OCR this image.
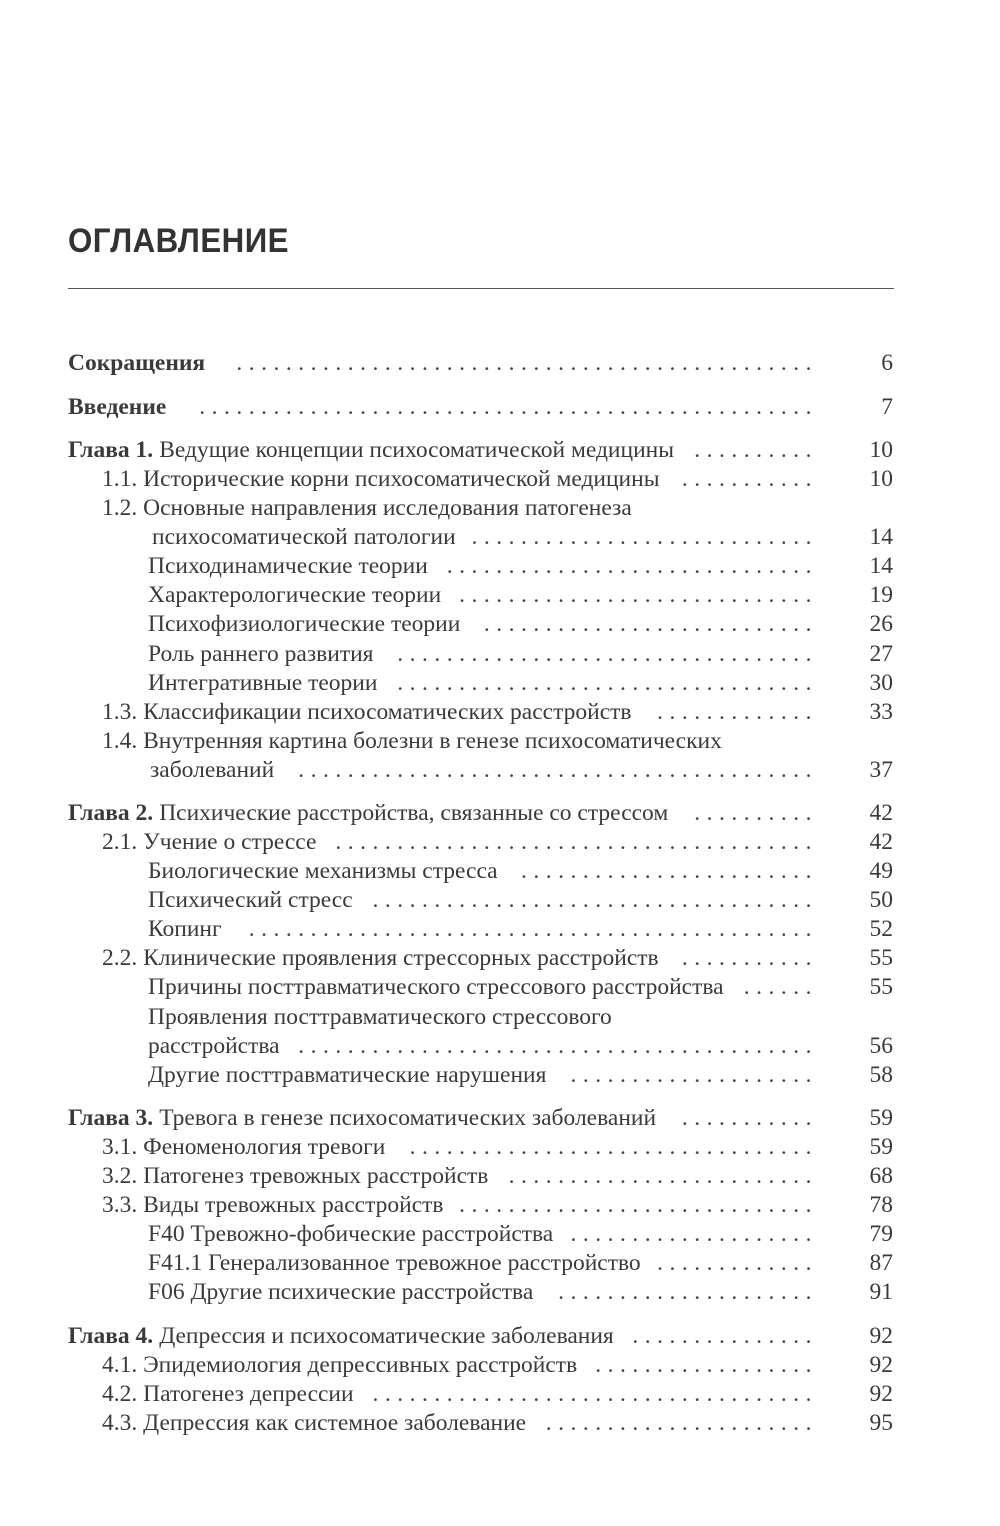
ОГЛАВЛЕНИЕ
Сокращения	...............................................	6
Введение	..................................................	7
Глава 1. Ведущие концепции психосоматической медицины ..........	10
1.1. Исторические корни психосоматической медицины ...........	10
1.2. Основные направления исследования патогенеза
психосоматической патологии ............................	14
Психодинамические теории ..............................	14
Характерологические теории .............................	19
Психофизиологические теории	...........................	26
Роль раннего развития	..................................	27
Интегративные теории ..................................	30
1.3. Классификации психосоматических расстройств	.............	33
1.4. Внутренняя картина болезни в генезе психосоматических
заболеваний	..........................................	37
Глава 2. Психические расстройства, связанные со стрессом	..........	42
2.1. Учение о стрессе .......................................	42
Биологические механизмы стресса ........................	49
Психический стресс ....................................	50
Копинг	..............................................	52
2.2. Клинические проявления стрессорных расстройств ...........	55
Причины посттравматического стрессового расстройства ......	55
Проявления посттравматического стрессового
расстройства ..........................................	56
Другие посттравматические нарушения	....................	58
Глава 3. Тревога в генезе психосоматических заболеваний	...........	59
3.1. Феноменология тревоги	.................................	59
3.2. Патогенез тревожных расстройств .........................	68
3.3. Виды тревожных расстройств .............................	78
F40 Тревожно-фобические расстройства ....................	79
F41.1 Генерализованное тревожное расстройство .............	87
F06 Другие психические расстройства	.....................	91
Глава 4. Депрессия и психосоматические заболевания ...............	92
4.1. Эпидемиология депрессивных расстройств ..................	92
4.2. Патогенез депрессии ....................................	92
4.3. Депрессия как системное заболевание ......................	95
